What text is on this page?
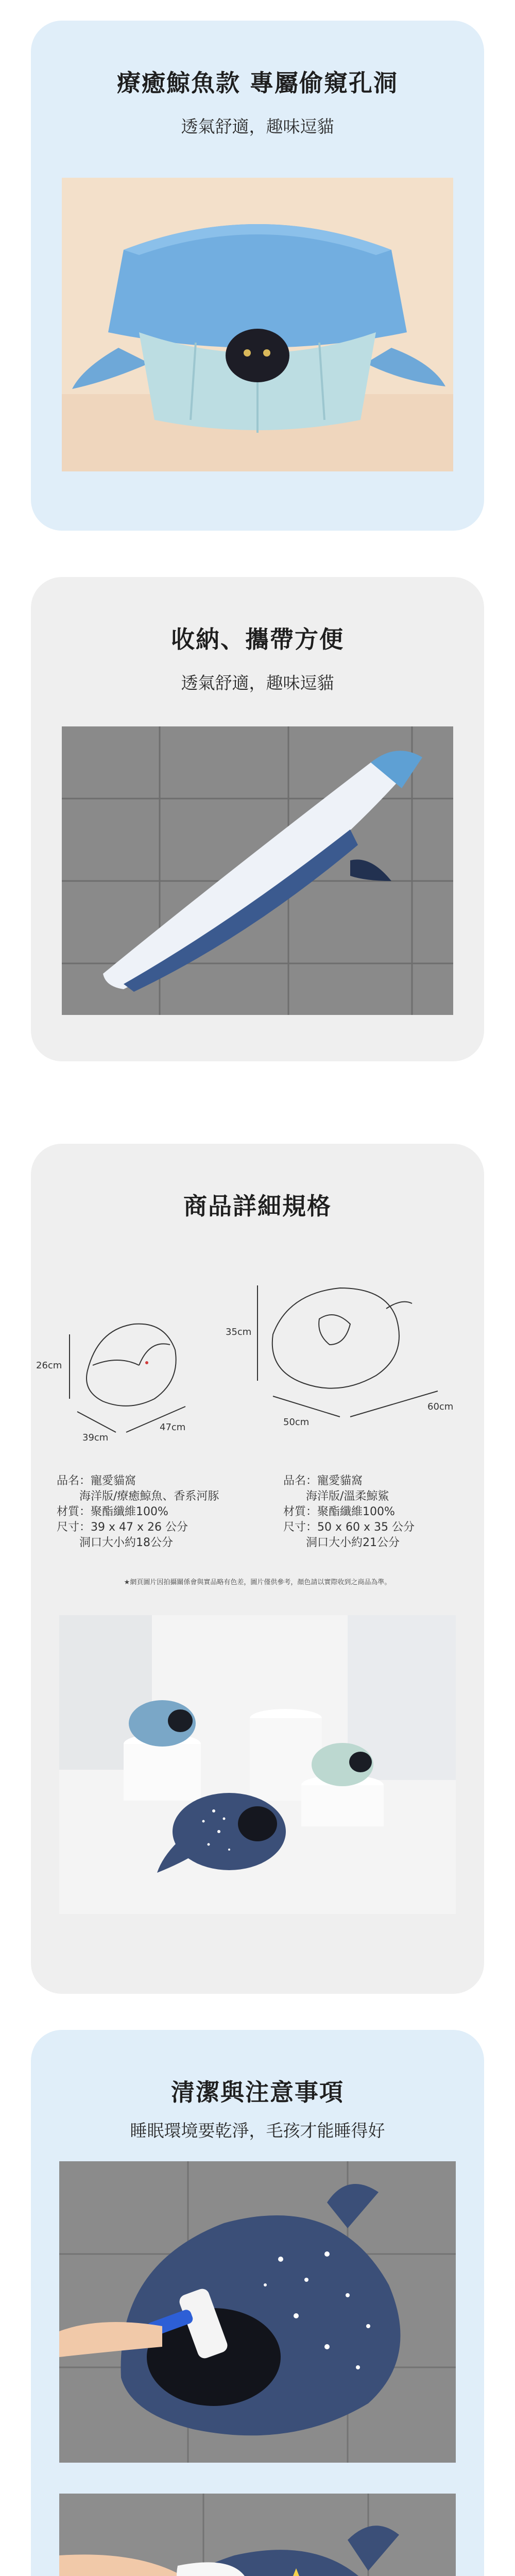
療癒鯨魚款 專屬偷窺孔洞
透氣舒適，趣味逗貓
收納、攜帶方便
透氣舒適，趣味逗貓
商品詳細規格
26cm
39cm
47cm
35cm
50cm
60cm
品名：寵愛貓窩
　　海洋版/療癒鯨魚、香系河豚
材質：聚酯纖維100%
尺寸：39 x 47 x 26 公分
　　洞口大小約18公分
品名：寵愛貓窩
　　海洋版/溫柔鯨鯊
材質：聚酯纖維100%
尺寸：50 x 60 x 35 公分
　　洞口大小約21公分
★網頁圖片因拍攝關係會與實品略有色差，圖片僅供參考，顏色請以實際收到之商品為準。
清潔與注意事項
睡眠環境要乾淨，毛孩才能睡得好
